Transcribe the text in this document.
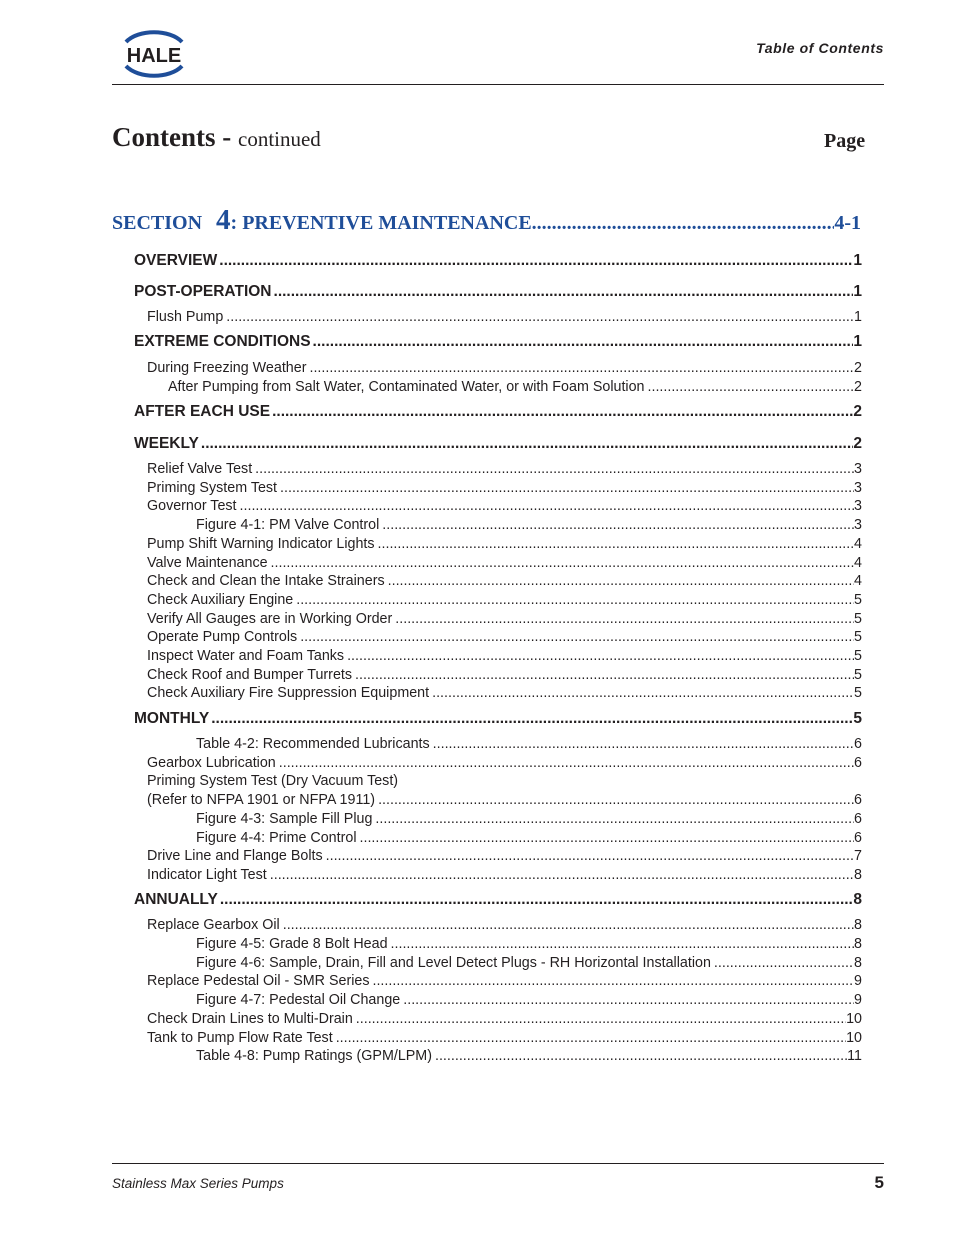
HALE	Table of Contents
Contents - continued	Page
SECTION 4 : PREVENTIVE MAINTENANCE .....	4-1
OVERVIEW .....	1
POST-OPERATION .....	1
Flush Pump .....	1
EXTREME CONDITIONS .....	1
During Freezing Weather .....	2
After Pumping from Salt Water, Contaminated Water, or with Foam Solution .....	2
AFTER EACH USE .....	2
WEEKLY .....	2
Relief Valve Test .....	3
Priming System Test .....	3
Governor Test .....	3
Figure 4-1: PM Valve Control .....	3
Pump Shift Warning Indicator Lights .....	4
Valve Maintenance .....	4
Check and Clean the Intake Strainers .....	4
Check Auxiliary Engine .....	5
Verify All Gauges are in Working Order .....	5
Operate Pump Controls .....	5
Inspect Water and Foam Tanks .....	5
Check Roof and Bumper Turrets .....	5
Check Auxiliary Fire Suppression Equipment .....	5
MONTHLY .....	5
Table 4-2: Recommended Lubricants .....	6
Gearbox Lubrication .....	6
Priming System Test (Dry Vacuum Test)
(Refer to NFPA 1901 or NFPA 1911) .....	6
Figure 4-3: Sample Fill Plug .....	6
Figure 4-4: Prime Control .....	6
Drive Line and Flange Bolts .....	7
Indicator Light Test .....	8
ANNUALLY .....	8
Replace Gearbox Oil .....	8
Figure 4-5: Grade 8 Bolt Head .....	8
Figure 4-6: Sample, Drain, Fill and Level Detect Plugs - RH Horizontal Installation .....	8
Replace Pedestal Oil - SMR Series .....	9
Figure 4-7: Pedestal Oil Change .....	9
Check Drain Lines to Multi-Drain .....	10
Tank to Pump Flow Rate Test .....	10
Table 4-8: Pump Ratings (GPM/LPM) .....	11
Stainless Max Series Pumps	5
